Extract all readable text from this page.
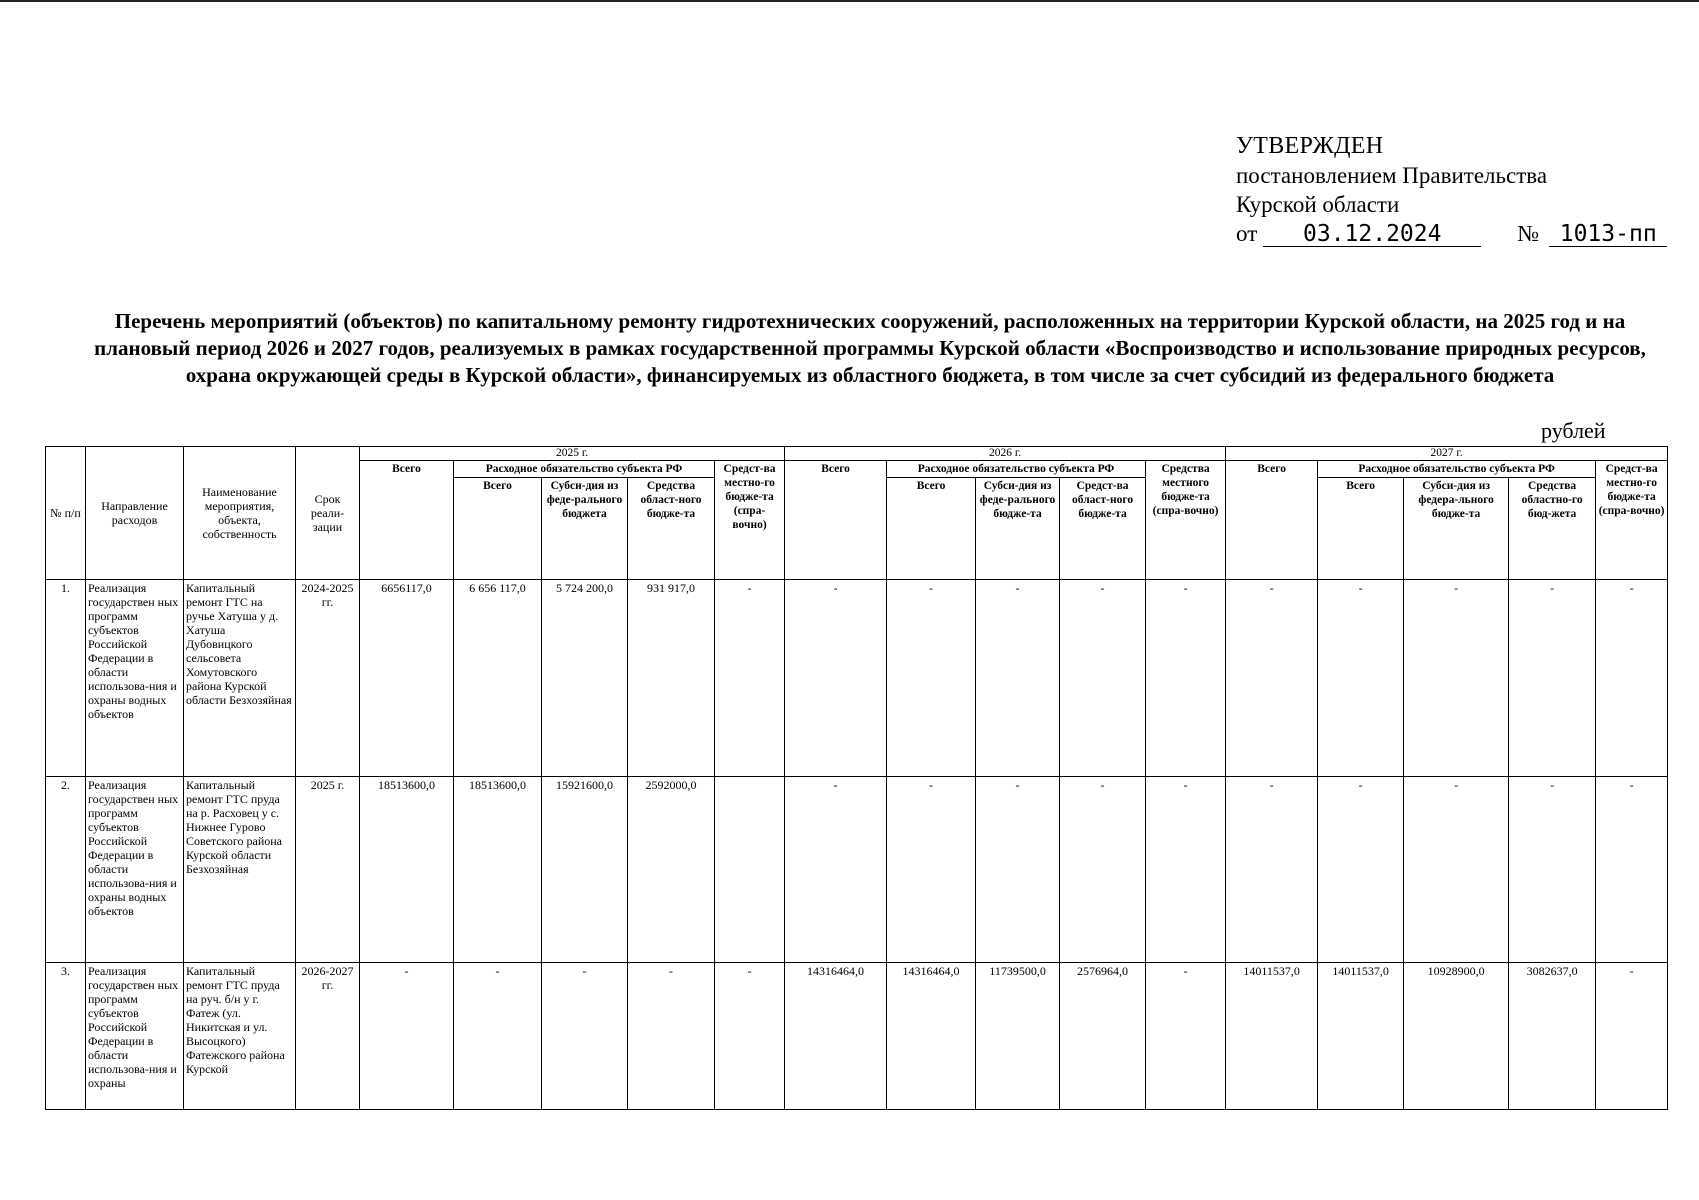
УТВЕРЖДЕН
постановлением Правительства
Курской области
от 03.12.2024	№ 1013-пп
Перечень мероприятий (объектов) по капитальному ремонту гидротехнических сооружений, расположенных на территории Курской области, на 2025 год и на плановый период 2026 и 2027 годов, реализуемых в рамках государственной программы Курской области «Воспроизводство и использование природных ресурсов, охрана окружающей среды в Курской области», финансируемых из областного бюджета, в том числе за счет субсидий из федерального бюджета
рублей
№ п/п	Направление расходов	Наименование мероприятия, объекта, собственность	Срок реали-зации	2025 г.					2026 г.					2027 г.				
				Всего	Расходное обязательство субъекта РФ			Средст-ва местно-го бюдже-та (спра-вочно)	Всего	Расходное обязательство субъекта РФ			Средства местного бюдже-та (спра-вочно)	Всего	Расходное обязательство субъекта РФ			Средст-ва местно-го бюдже-та (спра-вочно)
					Всего	Субси-дия из феде-рального бюджета	Средства област-ного бюдже-та			Всего	Субси-дия из феде-рального бюдже-та	Средст-ва област-ного бюдже-та			Всего	Субси-дия из федера-льного бюдже-та	Средства областно-го бюд-жета	
1.	Реализация государствен ных программ субъектов Российской Федерации в области использова-ния и охраны водных объектов	Капитальный ремонт ГТС на ручье Хатуша у д. Хатуша Дубовицкого сельсовета Хомутовского района Курской области Безхозяйная	2024-2025 гг.	6656117,0	6 656 117,0	5 724 200,0	931 917,0	-	-	-	-	-	-	-	-	-	-	-
2.	Реализация государствен ных программ субъектов Российской Федерации в области использова-ния и охраны водных объектов	Капитальный ремонт ГТС пруда на р. Расховец у с. Нижнее Гурово Советского района Курской области Безхозяйная	2025 г.	18513600,0	18513600,0	15921600,0	2592000,0		-	-	-	-	-	-	-	-	-	-
3.	Реализация государствен ных программ субъектов Российской Федерации в области использова-ния и охраны	Капитальный ремонт ГТС пруда на руч. б/н у г. Фатеж (ул. Никитская и ул. Высоцкого) Фатежского района Курской	2026-2027 гг.	-	-	-	-	-	14316464,0	14316464,0	11739500,0	2576964,0	-	14011537,0	14011537,0	10928900,0	3082637,0	-
